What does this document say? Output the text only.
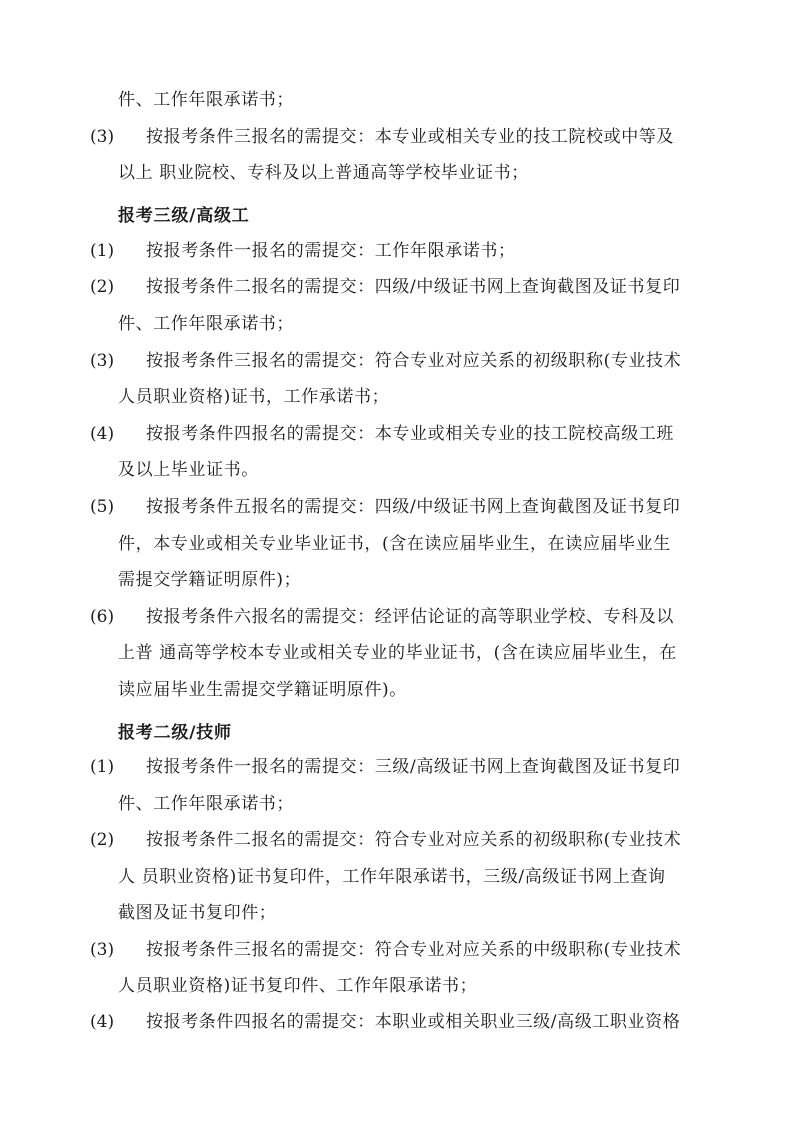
件、工作年限承诺书；
(3) 按报考条件三报名的需提交：本专业或相关专业的技工院校或中等及
以上 职业院校、专科及以上普通高等学校毕业证书；
报考三级/高级工
(1) 按报考条件一报名的需提交：工作年限承诺书；
(2) 按报考条件二报名的需提交：四级/中级证书网上查询截图及证书复印
件、工作年限承诺书；
(3) 按报考条件三报名的需提交：符合专业对应关系的初级职称(专业技术
人员职业资格)证书，工作承诺书；
(4) 按报考条件四报名的需提交：本专业或相关专业的技工院校高级工班
及以上毕业证书。
(5) 按报考条件五报名的需提交：四级/中级证书网上查询截图及证书复印
件，本专业或相关专业毕业证书，(含在读应届毕业生，在读应届毕业生
需提交学籍证明原件)；
(6) 按报考条件六报名的需提交：经评估论证的高等职业学校、专科及以
上普 通高等学校本专业或相关专业的毕业证书，(含在读应届毕业生，在
读应届毕业生需提交学籍证明原件)。
报考二级/技师
(1) 按报考条件一报名的需提交：三级/高级证书网上查询截图及证书复印
件、工作年限承诺书；
(2) 按报考条件二报名的需提交：符合专业对应关系的初级职称(专业技术
人 员职业资格)证书复印件，工作年限承诺书，三级/高级证书网上查询
截图及证书复印件；
(3) 按报考条件三报名的需提交：符合专业对应关系的中级职称(专业技术
人员职业资格)证书复印件、工作年限承诺书；
(4) 按报考条件四报名的需提交：本职业或相关职业三级/高级工职业资格
